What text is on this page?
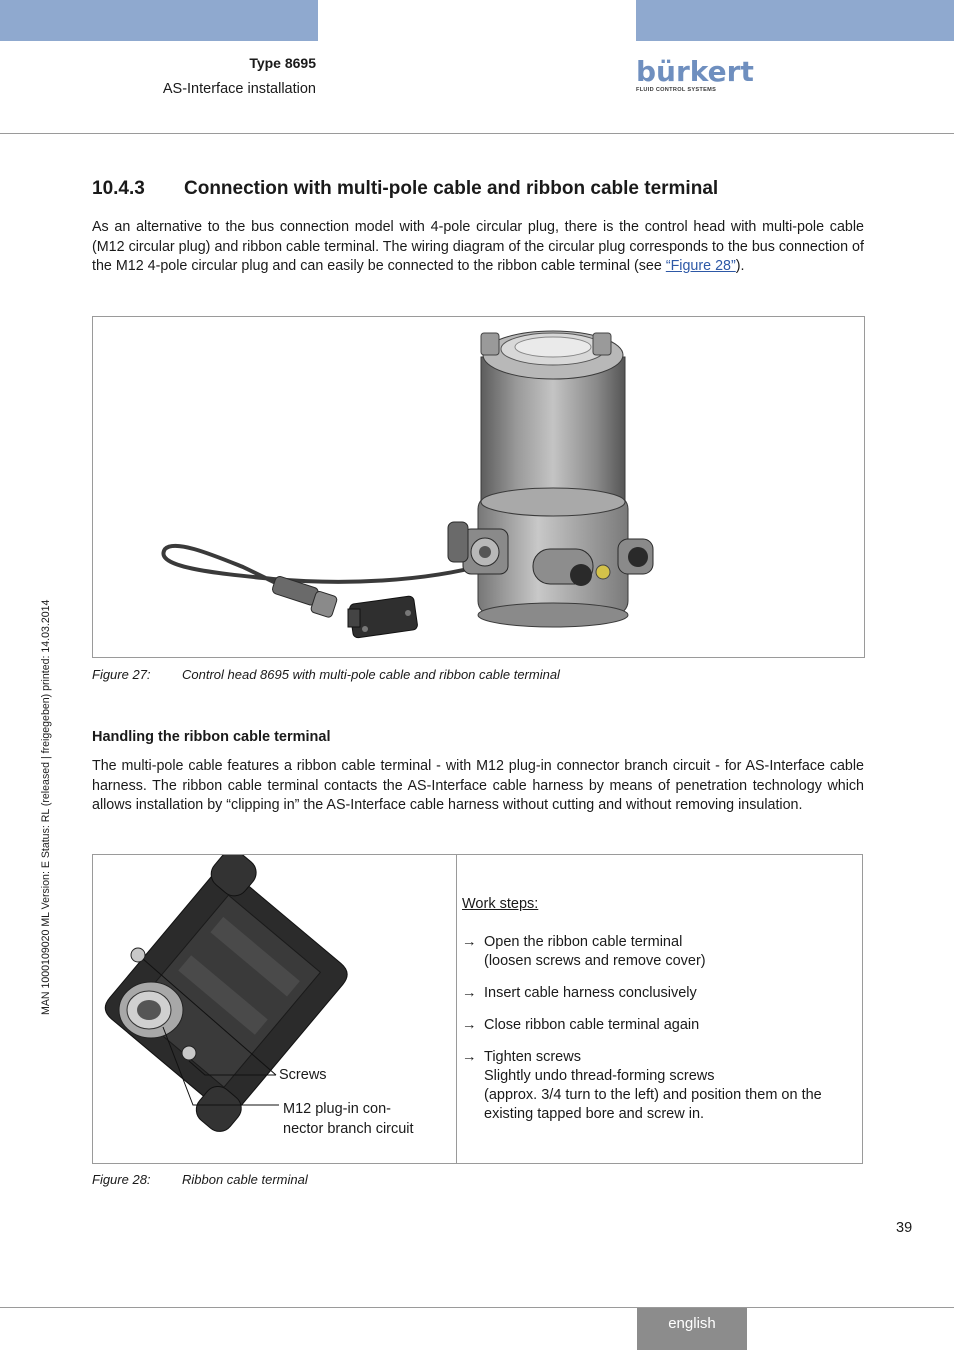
Type 8695
AS-Interface installation
bürkert
FLUID CONTROL SYSTEMS
MAN 1000109020 ML Version: E Status: RL (released | freigegeben) printed: 14.03.2014
10.4.3 Connection with multi-pole cable and ribbon cable terminal
As an alternative to the bus connection model with 4-pole circular plug, there is the control head with multi-pole cable (M12 circular plug) and ribbon cable terminal. The wiring diagram of the circular plug corresponds to the bus connection of the M12 4-pole circular plug and can easily be connected to the ribbon cable terminal (see “Figure 28”).
Figure 27: Control head 8695 with multi-pole cable and ribbon cable terminal
Handling the ribbon cable terminal
The multi-pole cable features a ribbon cable terminal - with M12 plug-in connector branch circuit - for AS-Interface cable harness. The ribbon cable terminal contacts the AS-Interface cable harness by means of penetration technology which allows installation by “clipping in” the AS-Interface cable harness without cutting and without removing insulation.
Screws
M12 plug-in con-
nector branch circuit
Work steps:
→ Open the ribbon cable terminal
(loosen screws and remove cover)
→ Insert cable harness conclusively
→ Close ribbon cable terminal again
→ Tighten screws
Slightly undo thread-forming screws
(approx. 3/4 turn to the left) and position them on the existing tapped bore and screw in.
Figure 28: Ribbon cable terminal
39
english
